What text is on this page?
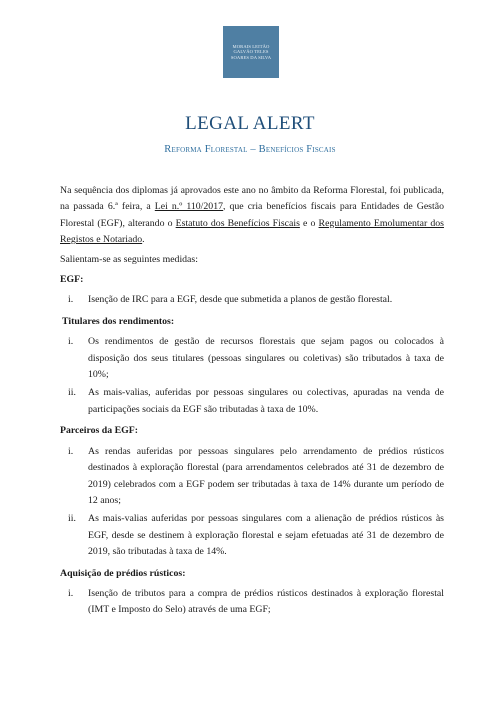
MORAIS LEITÃO
GALVÃO TELES
SOARES DA SILVA
LEGAL ALERT
Reforma Florestal – Benefícios Fiscais

Na sequência dos diplomas já aprovados este ano no âmbito da Reforma Florestal, foi publicada, na passada 6.ª feira, a Lei n.º 110/2017, que cria benefícios fiscais para Entidades de Gestão Florestal (EGF), alterando o Estatuto dos Benefícios Fiscais e o Regulamento Emolumentar dos Registos e Notariado.

Salientam-se as seguintes medidas:

EGF:
i.	Isenção de IRC para a EGF, desde que submetida a planos de gestão florestal.
Titulares dos rendimentos:
i.	Os rendimentos de gestão de recursos florestais que sejam pagos ou colocados à disposição dos seus titulares (pessoas singulares ou coletivas) são tributados à taxa de 10%;
ii.	As mais-valias, auferidas por pessoas singulares ou colectivas, apuradas na venda de participações sociais da EGF são tributadas à taxa de 10%.
Parceiros da EGF:
i.	As rendas auferidas por pessoas singulares pelo arrendamento de prédios rústicos destinados à exploração florestal (para arrendamentos celebrados até 31 de dezembro de 2019) celebrados com a EGF podem ser tributadas à taxa de 14% durante um período de 12 anos;
ii.	As mais-valias auferidas por pessoas singulares com a alienação de prédios rústicos às EGF, desde se destinem à exploração florestal e sejam efetuadas até 31 de dezembro de 2019, são tributadas à taxa de 14%.
Aquisição de prédios rústicos:
i.	Isenção de tributos para a compra de prédios rústicos destinados à exploração florestal (IMT e Imposto do Selo) através de uma EGF;
